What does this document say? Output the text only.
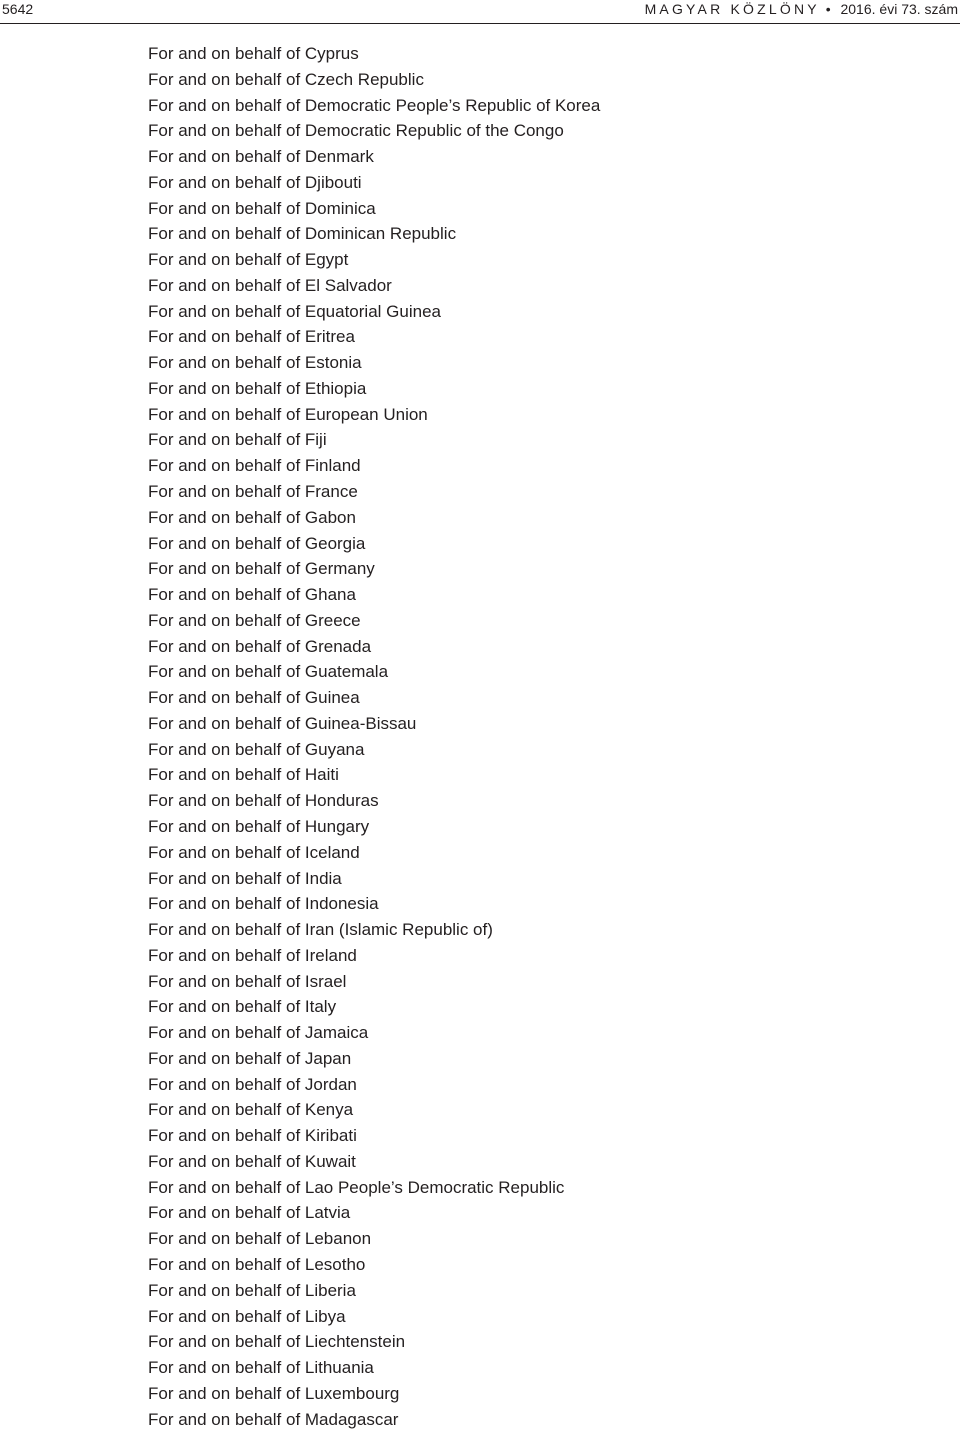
5642	MAGYAR KÖZLÖNY • 2016. évi 73. szám
For and on behalf of Cyprus
For and on behalf of Czech Republic
For and on behalf of Democratic People’s Republic of Korea
For and on behalf of Democratic Republic of the Congo
For and on behalf of Denmark
For and on behalf of Djibouti
For and on behalf of Dominica
For and on behalf of Dominican Republic
For and on behalf of Egypt
For and on behalf of El Salvador
For and on behalf of Equatorial Guinea
For and on behalf of Eritrea
For and on behalf of Estonia
For and on behalf of Ethiopia
For and on behalf of European Union
For and on behalf of Fiji
For and on behalf of Finland
For and on behalf of France
For and on behalf of Gabon
For and on behalf of Georgia
For and on behalf of Germany
For and on behalf of Ghana
For and on behalf of Greece
For and on behalf of Grenada
For and on behalf of Guatemala
For and on behalf of Guinea
For and on behalf of Guinea-Bissau
For and on behalf of Guyana
For and on behalf of Haiti
For and on behalf of Honduras
For and on behalf of Hungary
For and on behalf of Iceland
For and on behalf of India
For and on behalf of Indonesia
For and on behalf of Iran (Islamic Republic of)
For and on behalf of Ireland
For and on behalf of Israel
For and on behalf of Italy
For and on behalf of Jamaica
For and on behalf of Japan
For and on behalf of Jordan
For and on behalf of Kenya
For and on behalf of Kiribati
For and on behalf of Kuwait
For and on behalf of Lao People’s Democratic Republic
For and on behalf of Latvia
For and on behalf of Lebanon
For and on behalf of Lesotho
For and on behalf of Liberia
For and on behalf of Libya
For and on behalf of Liechtenstein
For and on behalf of Lithuania
For and on behalf of Luxembourg
For and on behalf of Madagascar
